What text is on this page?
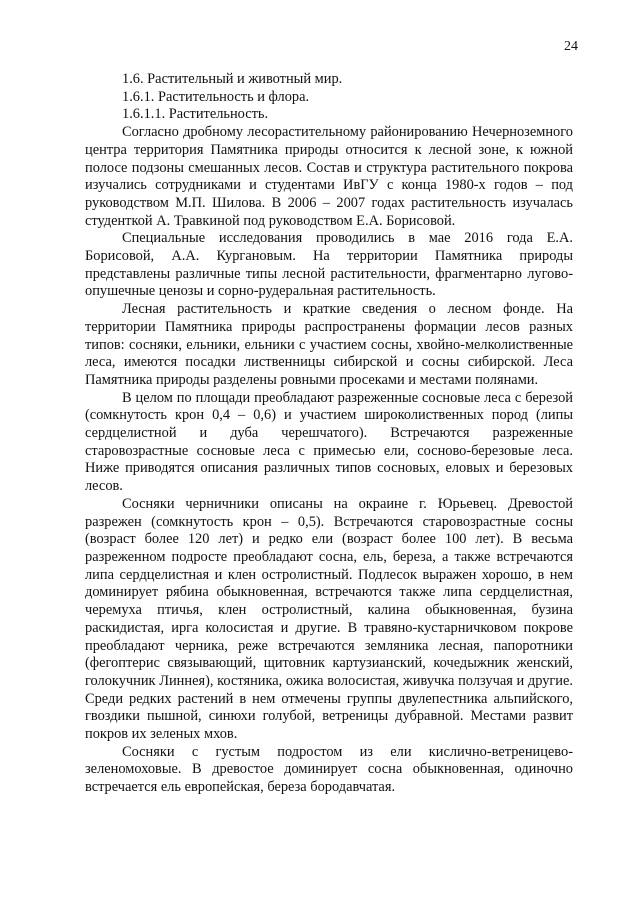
24

1.6. Растительный и животный мир.

1.6.1. Растительность и флора.

1.6.1.1. Растительность.

Согласно дробному лесорастительному районированию Нечерноземного центра территория Памятника природы относится к лесной зоне, к южной полосе подзоны смешанных лесов. Состав и структура растительного покрова изучались сотрудниками и студентами ИвГУ с конца 1980-х годов – под руководством М.П. Шилова. В 2006 – 2007 годах растительность изучалась студенткой А. Травкиной под руководством Е.А. Борисовой.

Специальные исследования проводились в мае 2016 года Е.А. Борисовой, А.А. Кургановым. На территории Памятника природы представлены различные типы лесной растительности, фрагментарно лугово-опушечные ценозы и сорно-рудеральная растительность.

Лесная растительность и краткие сведения о лесном фонде. На территории Памятника природы распространены формации лесов разных типов: сосняки, ельники, ельники с участием сосны, хвойно-мелколиственные леса, имеются посадки лиственницы сибирской и сосны сибирской. Леса Памятника природы разделены ровными просеками и местами полянами.

В целом по площади преобладают разреженные сосновые леса с березой (сомкнутость крон 0,4 – 0,6) и участием широколиственных пород (липы сердцелистной и дуба черешчатого). Встречаются разреженные старовозрастные сосновые леса с примесью ели, сосново-березовые леса. Ниже приводятся описания различных типов сосновых, еловых и березовых лесов.

Сосняки черничники описаны на окраине г. Юрьевец. Древостой разрежен (сомкнутость крон – 0,5). Встречаются старовозрастные сосны (возраст более 120 лет) и редко ели (возраст более 100 лет). В весьма разреженном подросте преобладают сосна, ель, береза, а также встречаются липа сердцелистная и клен остролистный. Подлесок выражен хорошо, в нем доминирует рябина обыкновенная, встречаются также липа сердцелистная, черемуха птичья, клен остролистный, калина обыкновенная, бузина раскидистая, ирга колосистая и другие. В травяно-кустарничковом покрове преобладают черника, реже встречаются земляника лесная, папоротники (фегоптерис связывающий, щитовник картузианский, кочедыжник женский, голокучник Линнея), костяника, ожика волосистая, живучка ползучая и другие. Среди редких растений в нем отмечены группы двулепестника альпийского, гвоздики пышной, синюхи голубой, ветреницы дубравной. Местами развит покров их зеленых мхов.

Сосняки с густым подростом из ели кислично-ветреницево-зеленомоховые. В древостое доминирует сосна обыкновенная, одиночно встречается ель европейская, береза бородавчатая.
